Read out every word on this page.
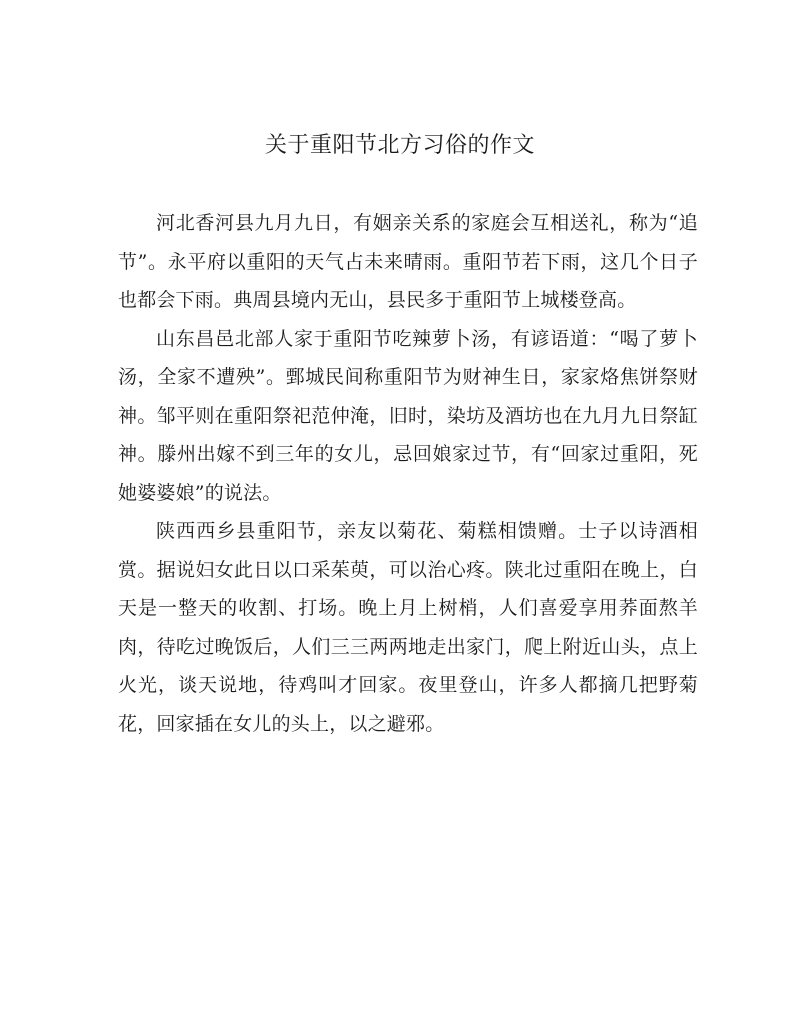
关于重阳节北方习俗的作文

河北香河县九月九日，有姻亲关系的家庭会互相送礼，称为“追节”。永平府以重阳的天气占未来晴雨。重阳节若下雨，这几个日子也都会下雨。典周县境内无山，县民多于重阳节上城楼登高。

山东昌邑北部人家于重阳节吃辣萝卜汤，有谚语道：“喝了萝卜汤，全家不遭殃”。鄄城民间称重阳节为财神生日，家家烙焦饼祭财神。邹平则在重阳祭祀范仲淹，旧时，染坊及酒坊也在九月九日祭缸神。滕州出嫁不到三年的女儿，忌回娘家过节，有“回家过重阳，死她婆婆娘”的说法。

陕西西乡县重阳节，亲友以菊花、菊糕相馈赠。士子以诗酒相赏。据说妇女此日以口采茱萸，可以治心疼。陕北过重阳在晚上，白天是一整天的收割、打场。晚上月上树梢，人们喜爱享用荞面熬羊肉，待吃过晚饭后，人们三三两两地走出家门，爬上附近山头，点上火光，谈天说地，待鸡叫才回家。夜里登山，许多人都摘几把野菊花，回家插在女儿的头上，以之避邪。
